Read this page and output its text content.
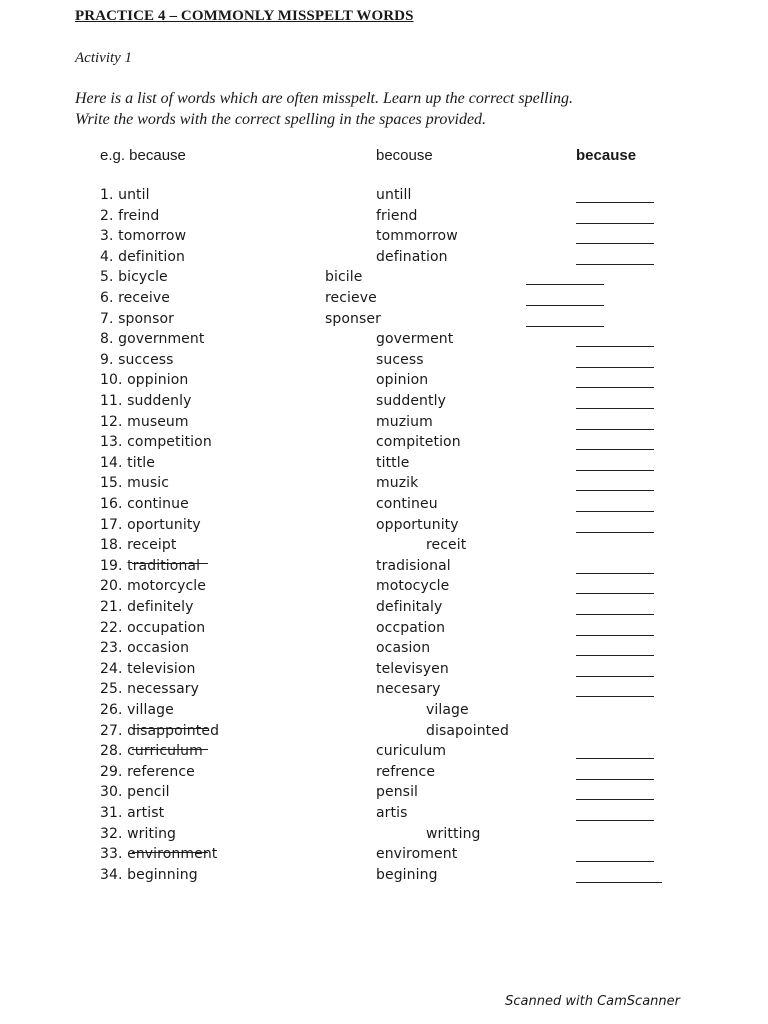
PRACTICE 4 – COMMONLY MISSPELT WORDS
Activity 1
Here is a list of words which are often misspelt. Learn up the correct spelling.
Write the words with the correct spelling in the spaces provided.
e.g. because	becouse	because
1. until	untill
2. freind	friend
3. tomorrow	tommorrow
4. definition	defination
5. bicycle	bicile
6. receive	recieve
7. sponsor	sponser
8. government	goverment
9. success	sucess
10. oppinion	opinion
11. suddenly	suddently
12. museum	muzium
13. competition	compitetion
14. title	tittle
15. music	muzik
16. continue	contineu
17. oportunity	opportunity
18. receipt	receit
19. traditional	tradisional
20. motorcycle	motocycle
21. definitely	definitaly
22. occupation	occpation
23. occasion	ocasion
24. television	televisyen
25. necessary	necesary
26. village	vilage
27. disappointed	disapointed
28. curriculum	curiculum
29. reference	refrence
30. pencil	pensil
31. artist	artis
32. writing	writting
33. environment	enviroment
34. beginning	begining
Scanned with CamScanner
